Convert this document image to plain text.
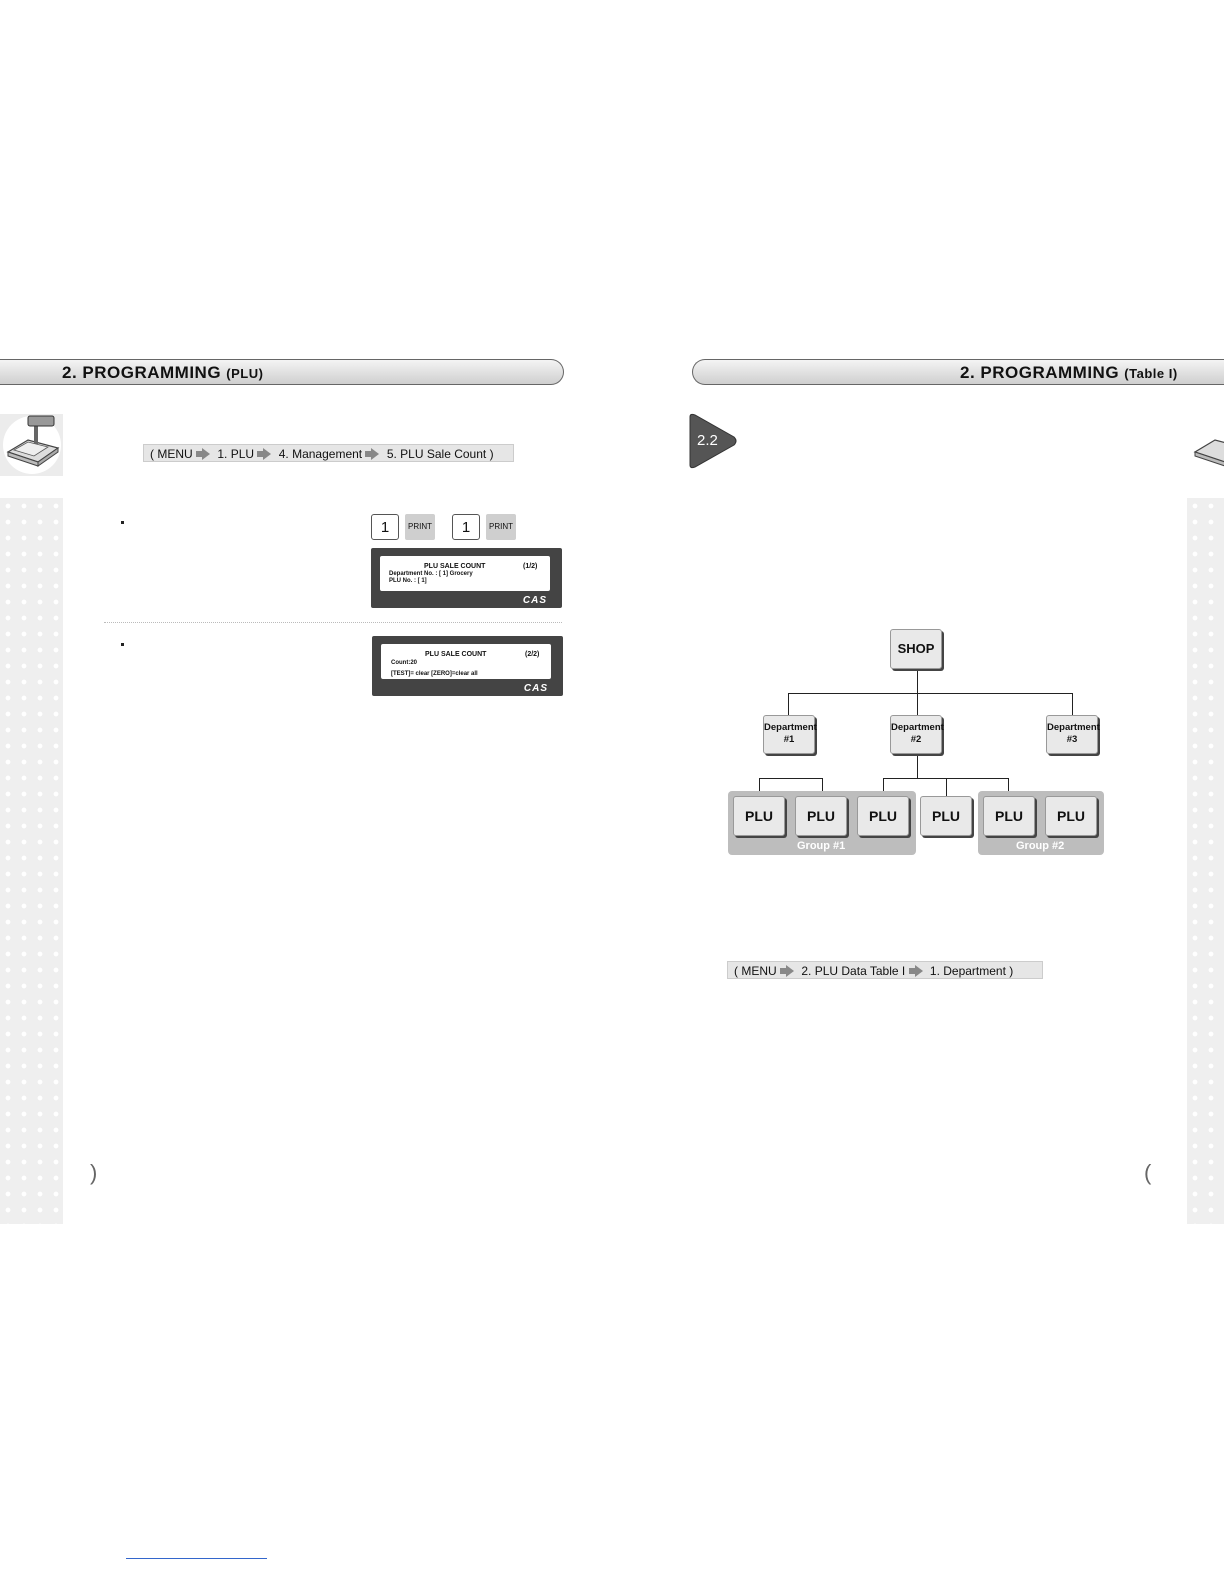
2. PROGRAMMING (PLU)
( MENU 1. PLU 4. Management 5. PLU Sale Count )
1	PRINT	1	PRINT
PLU SALE COUNT	(1/2)
Department No. : [ 1] Grocery
PLU No. : [ 1]
CAS
PLU SALE COUNT	(2/2)
Count:20
[TEST]= clear [ZERO]=clear all
CAS
)
2. PROGRAMMING (Table I)
2.2
Group #1	Group #2
SHOP
Department
#1
Department
#2
Department
#3
PLU	PLU	PLU	PLU	PLU	PLU
( MENU 2. PLU Data Table I 1. Department )
(
